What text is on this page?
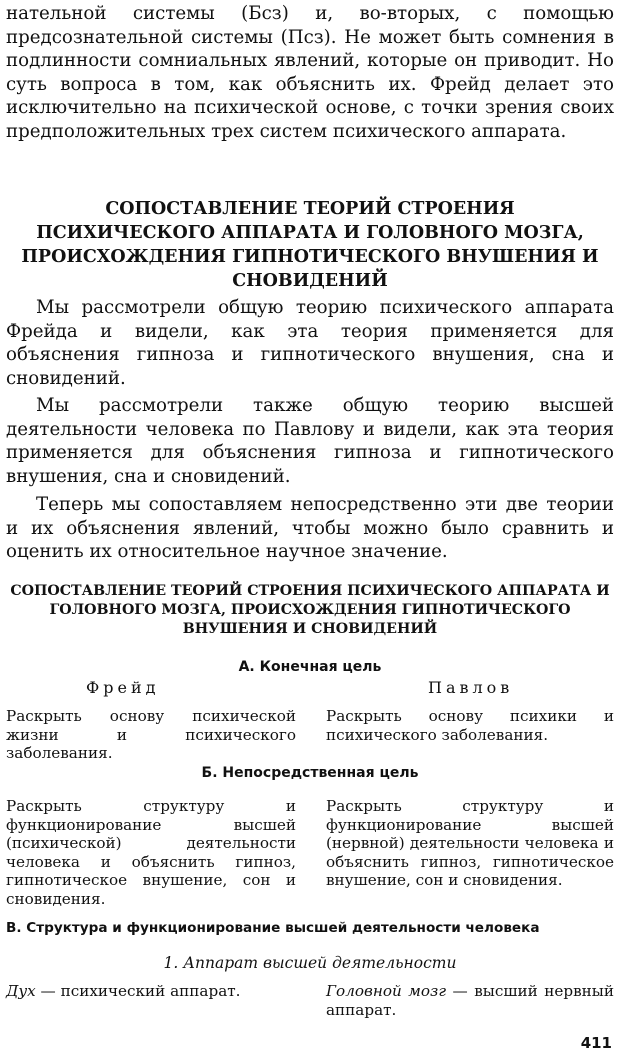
нательной системы (Бсз) и, во-вторых, с помощью предсознательной системы (Пcз). Не может быть сомнения в подлинности сомниальных явлений, которые он приводит. Но суть вопроса в том, как объяснить их. Фрейд делает это исключительно на психической основе, с точки зрения своих предположительных трех систем психического аппарата.

СОПОСТАВЛЕНИЕ ТЕОРИЙ СТРОЕНИЯ ПСИХИЧЕСКОГО АППАРАТА И ГОЛОВНОГО МОЗГА, ПРОИСХОЖДЕНИЯ ГИПНОТИЧЕСКОГО ВНУШЕНИЯ И СНОВИДЕНИЙ

Мы рассмотрели общую теорию психического аппарата Фрейда и видели, как эта теория применяется для объяснения гипноза и гипнотического внушения, сна и сновидений.

Мы рассмотрели также общую теорию высшей деятельности человека по Павлову и видели, как эта теория применяется для объяснения гипноза и гипнотического внушения, сна и сновидений.

Теперь мы сопоставляем непосредственно эти две теории и их объяснения явлений, чтобы можно было сравнить и оценить их относительное научное значение.

СОПОСТАВЛЕНИЕ ТЕОРИЙ СТРОЕНИЯ ПСИХИЧЕСКОГО АППАРАТА И ГОЛОВНОГО МОЗГА, ПРОИСХОЖДЕНИЯ ГИПНОТИЧЕСКОГО ВНУШЕНИЯ И СНОВИДЕНИЙ

А. Конечная цель

Фрейд	Павлов

Раскрыть основу психической жизни и психического заболевания.

Раскрыть основу психики и психического заболевания.

Б. Непосредственная цель

Раскрыть структуру и функционирование высшей (психической) деятельности человека и объяснить гипноз, гипнотическое внушение, сон и сновидения.

Раскрыть структуру и функционирование высшей (нервной) деятельности человека и объяснить гипноз, гипнотическое внушение, сон и сновидения.

В. Структура и функционирование высшей деятельности человека

1. Аппарат высшей деятельности

Дух — психический аппарат.	Головной мозг — высший нервный аппарат.

411
